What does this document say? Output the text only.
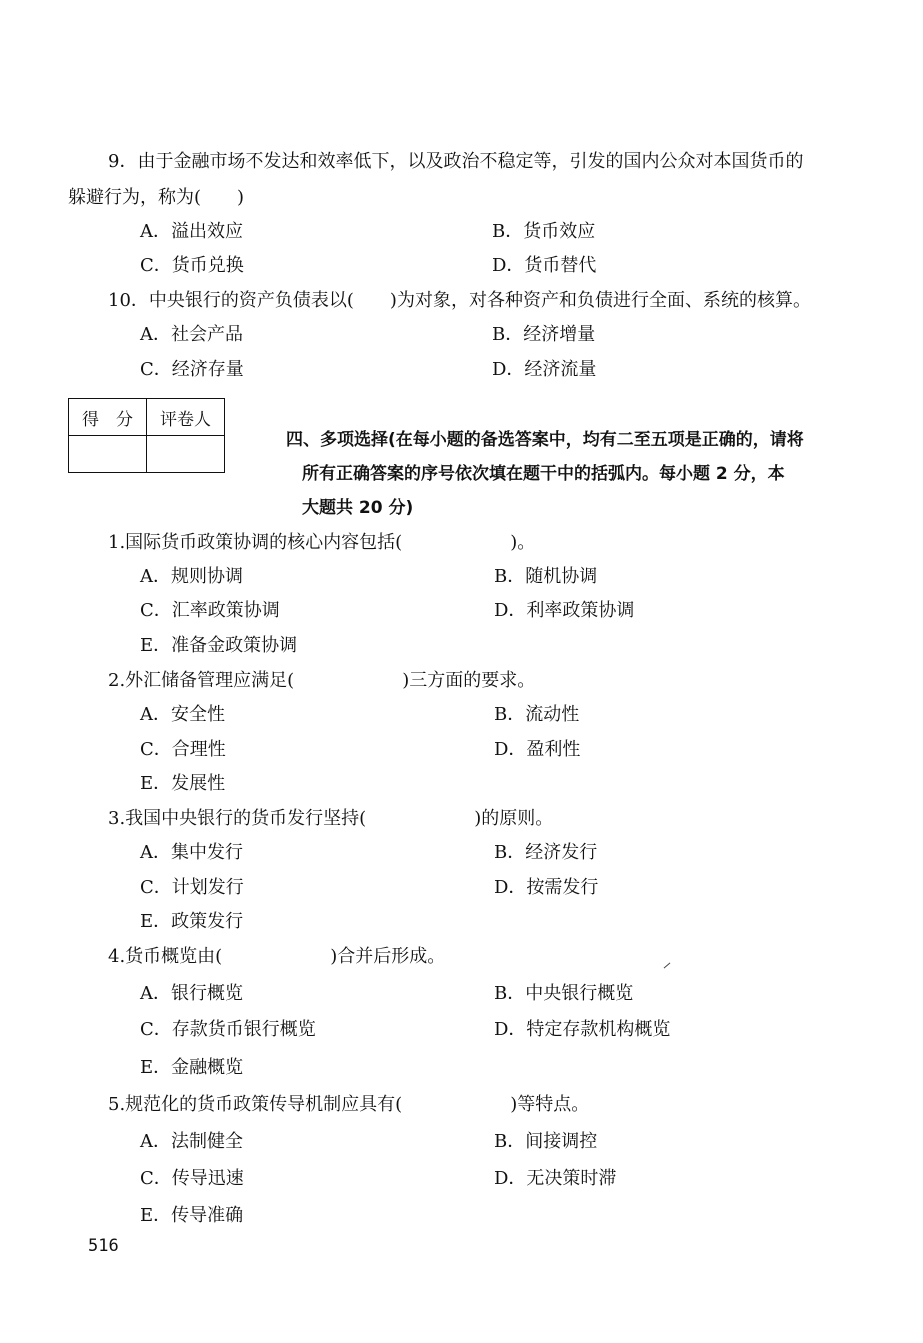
9．由于金融市场不发达和效率低下，以及政治不稳定等，引发的国内公众对本国货币的
躲避行为，称为(　　)
A．溢出效应	B．货币效应
C．货币兑换	D．货币替代
10．中央银行的资产负债表以(　　)为对象，对各种资产和负债进行全面、系统的核算。
A．社会产品	B．经济增量
C．经济存量	D．经济流量
得　分	评卷人

四、多项选择(在每小题的备选答案中，均有二至五项是正确的，请将
所有正确答案的序号依次填在题干中的括弧内。每小题 2 分，本
大题共 20 分)
1.国际货币政策协调的核心内容包括(　　　　　　)。
A．规则协调	B．随机协调
C．汇率政策协调	D．利率政策协调
E．准备金政策协调
2.外汇储备管理应满足(　　　　　　)三方面的要求。
A．安全性	B．流动性
C．合理性	D．盈利性
E．发展性
3.我国中央银行的货币发行坚持(　　　　　　)的原则。
A．集中发行	B．经济发行
C．计划发行	D．按需发行
E．政策发行
4.货币概览由(　　　　　　)合并后形成。
A．银行概览	B．中央银行概览
C．存款货币银行概览	D．特定存款机构概览
E．金融概览
5.规范化的货币政策传导机制应具有(　　　　　　)等特点。
A．法制健全	B．间接调控
C．传导迅速	D．无决策时滞
E．传导准确
516
